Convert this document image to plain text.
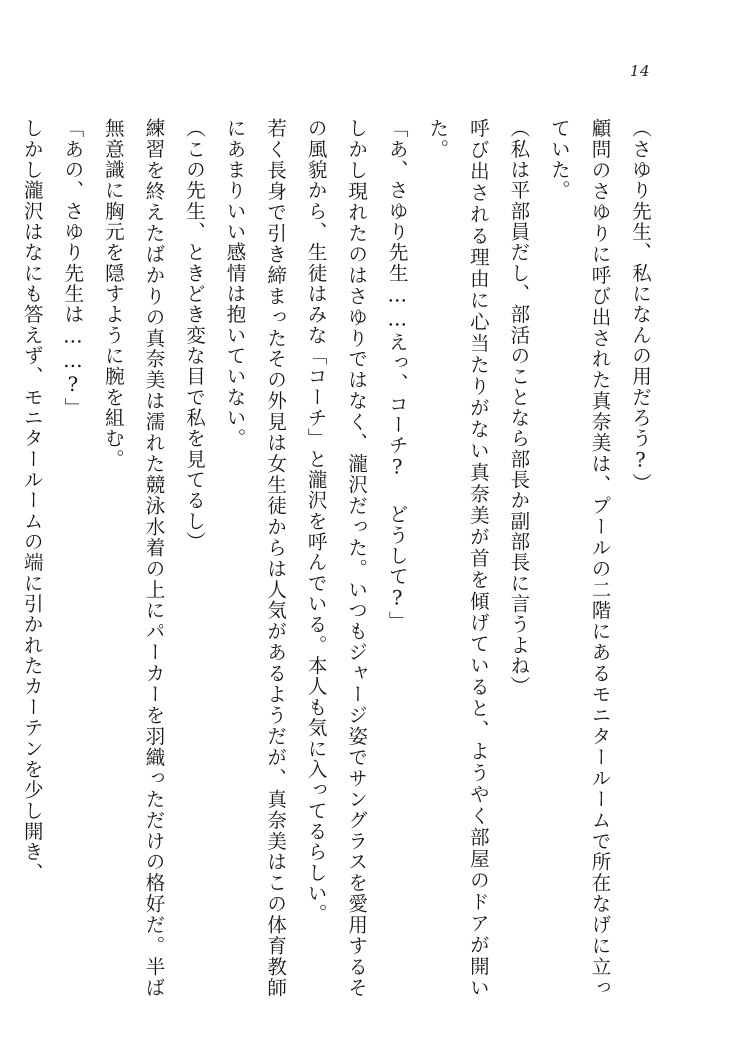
14

（さゆり先生、私になんの用だろう?）

顧問のさゆりに呼び出された真奈美は、プールの二階にあるモニタールームで所在なげに立っていた。

（私は平部員だし、部活のことなら部長か副部長に言うよね）

呼び出される理由に心当たりがない真奈美が首を傾げていると、ようやく部屋のドアが開いた。

「あ、さゆり先生……えっ、コーチ? どうして?」

しかし現れたのはさゆりではなく、瀧沢だった。いつもジャージ姿でサングラスを愛用するその風貌から、生徒はみな「コーチ」と瀧沢を呼んでいる。本人も気に入ってるらしい。

若く長身で引き締まったその外見は女生徒からは人気があるようだが、真奈美はこの体育教師にあまりいい感情は抱いていない。

（この先生、ときどき変な目で私を見てるし）

練習を終えたばかりの真奈美は濡れた競泳水着の上にパーカーを羽織っただけの格好だ。半ば無意識に胸元を隠すように腕を組む。

「あの、さゆり先生は……?」

しかし瀧沢はなにも答えず、モニタールームの端に引かれたカーテンを少し開き、
